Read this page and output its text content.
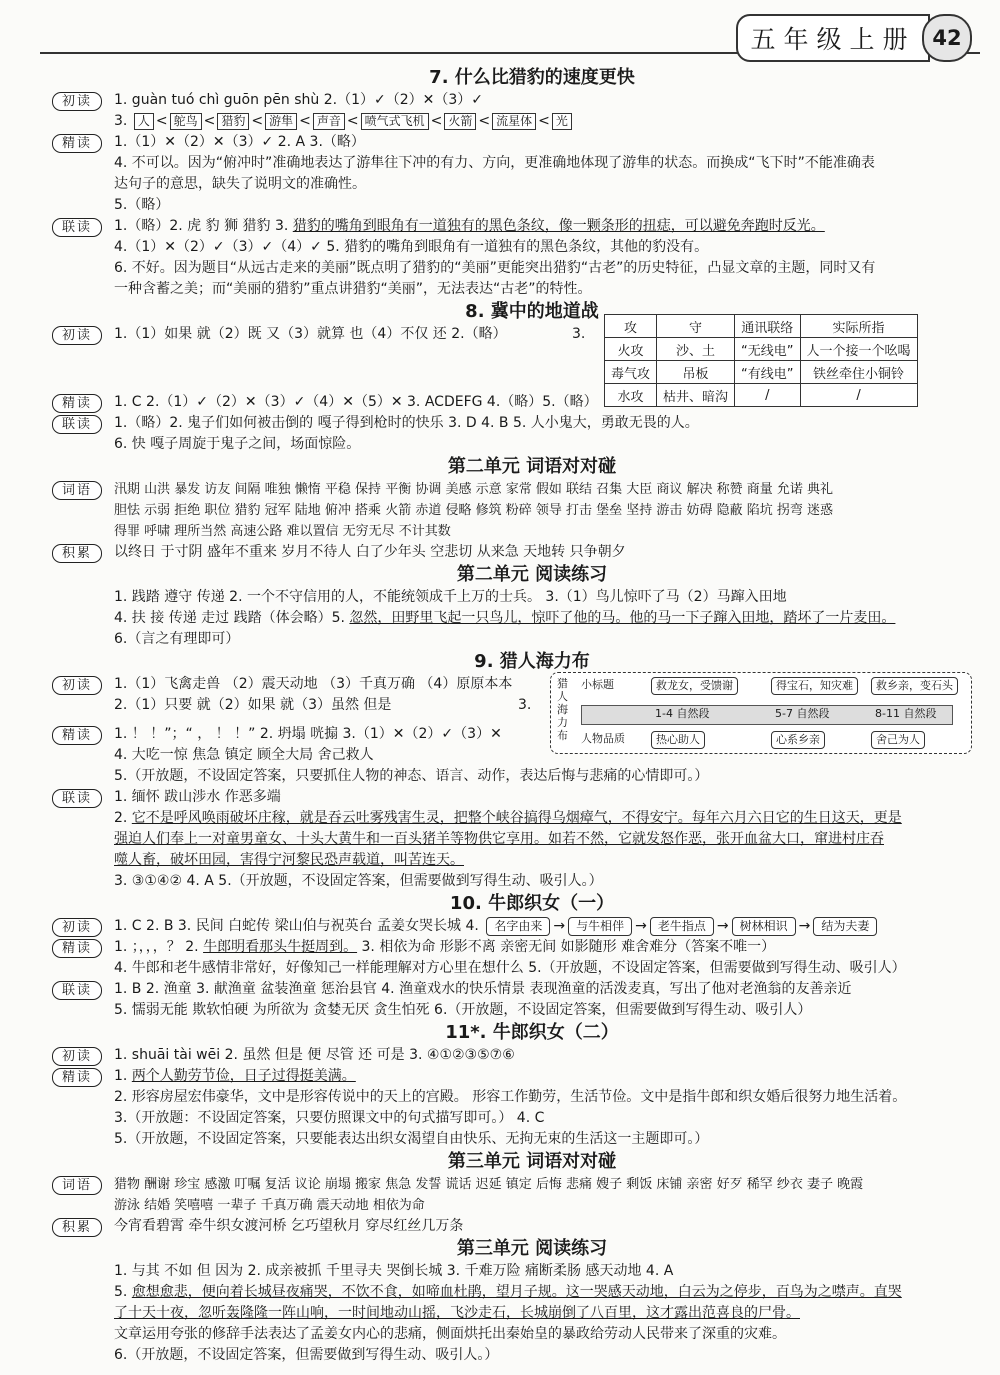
五年级上册 42
7. 什么比猎豹的速度更快
初读	1. guàn tuó chì guōn pēn shù 2.（1）✓（2）✕（3）✓
3. 人 < 鸵鸟 < 猎豹 < 游隼 < 声音 < 喷气式飞机 < 火箭 < 流星体 < 光
精读	1.（1）✕（2）✕（3）✓ 2. A 3.（略）
4. 不可以。因为“俯冲时”准确地表达了游隼往下冲的有力、方向，更准确地体现了游隼的状态。而换成“飞下时”不能准确表
达句子的意思，缺失了说明文的准确性。
5.（略）
联读	1.（略）2. 虎 豹 狮 猎豹 3. 猎豹的嘴角到眼角有一道独有的黑色条纹，像一颗条形的扭痣，可以避免奔跑时反光。
4.（1）✕（2）✓（3）✓（4）✓ 5. 猎豹的嘴角到眼角有一道独有的黑色条纹，其他的豹没有。
6. 不好。因为题目“从远古走来的美丽”既点明了猎豹的“美丽”更能突出猎豹“古老”的历史特征，凸显文章的主题，同时又有
一种含蓄之美；而“美丽的猎豹”重点讲猎豹“美丽”，无法表达“古老”的特性。
8. 冀中的地道战
初读	1.（1）如果 就（2）既 又（3）就算 也（4）不仅 还 2.（略）	3.
精读	1. C 2.（1）✓（2）✕（3）✓（4）✕（5）✕ 3. ACDEFG 4.（略）5.（略）
联读	1.（略）2. 鬼子们如何被击倒的 嘎子得到枪时的快乐 3. D 4. B 5. 人小鬼大，勇敢无畏的人。
6. 快 嘎子周旋于鬼子之间，场面惊险。
攻	守	通讯联络	实际所指
火攻	沙、土	“无线电”	人一个接一个吆喝
毒气攻	吊板	“有线电”	铁丝牵住小铜铃
水攻	枯井、暗沟	/	/
第二单元 词语对对碰
词语	汛期 山洪 暴发 访友 间隔 唯独 懒惰 平稳 保持 平衡 协调 美感 示意 家常 假如 联结 召集 大臣 商议 解决 称赞 商量 允诺 典礼
胆怯 示弱 拒绝 职位 猎豹 冠军 陆地 俯冲 搭乘 火箭 赤道 侵略 修筑 粉碎 领导 打击 堡垒 坚持 游击 妨碍 隐蔽 陷坑 拐弯 迷惑
得罪 呼啸 理所当然 高速公路 难以置信 无穷无尽 不计其数
积累	以终日 于寸阴 盛年不重来 岁月不待人 白了少年头 空悲切 从来急 天地转 只争朝夕
第二单元 阅读练习
1. 践踏 遵守 传递 2. 一个不守信用的人，不能统领成千上万的士兵。 3.（1）鸟儿惊吓了马（2）马蹿入田地
4. 扶 接 传递 走过 践踏（体会略）5. 忽然，田野里飞起一只鸟儿，惊吓了他的马。他的马一下子蹿入田地，踏坏了一片麦田。
6.（言之有理即可）
9. 猎人海力布
初读	1.（1）飞禽走兽 （2）震天动地 （3）千真万确 （4）原原本本
2.（1）只要 就（2）如果 就（3）虽然 但是	3.
精读	1. ！ ！”；“ ， ！ ！” 2. 坍塌 咣搧 3.（1）✕（2）✓（3）✕
4. 大吃一惊 焦急 镇定 顾全大局 舍己救人
5.（开放题，不设固定答案，只要抓住人物的神态、语言、动作，表达后悔与悲痛的心情即可。）
联读	1. 缅怀 跋山涉水 作恶多端
2. 它不是呼风唤雨破坏庄稼，就是吞云吐雾残害生灵，把整个峡谷搞得乌烟瘴气，不得安宁。每年六月六日它的生日这天，更是
强迫人们奉上一对童男童女、十头大黄牛和一百头猪羊等物供它享用。如若不然，它就发怒作恶，张开血盆大口，窜进村庄吞
噬人畜，破坏田园，害得宁河黎民恐声载道，叫苦连天。
3. ③①④② 4. A 5.（开放题，不设固定答案，但需要做到写得生动、吸引人。）
猎人海力布
小标题	救龙女，受馈谢	得宝石，知灾难	救乡亲，变石头
1-4 自然段	5-7 自然段	8-11 自然段
人物品质	热心助人	心系乡亲	舍己为人
10. 牛郎织女（一）
初读	1. C 2. B 3. 民间 白蛇传 梁山伯与祝英台 孟姜女哭长城 4. 名字由来 → 与牛相伴 → 老牛指点 → 树林相识 → 结为夫妻
精读	1. ；，，，？ 2. 牛郎明看那头牛挺周到。 3. 相依为命 形影不离 亲密无间 如影随形 难舍难分（答案不唯一）
4. 牛郎和老牛感情非常好，好像知己一样能理解对方心里在想什么 5.（开放题，不设固定答案，但需要做到写得生动、吸引人）
联读	1. B 2. 渔童 3. 献渔童 盆装渔童 惩治县官 4. 渔童戏水的快乐情景 表现渔童的活泼麦真，写出了他对老渔翁的友善亲近
5. 懦弱无能 欺软怕硬 为所欲为 贪婪无厌 贪生怕死 6.（开放题，不设固定答案，但需要做到写得生动、吸引人）
11*. 牛郎织女（二）
初读	1. shuāi tài wēi 2. 虽然 但是 便 尽管 还 可是 3. ④①②③⑤⑦⑥
精读	1. 两个人勤劳节俭，日子过得挺美满。
2. 形容房屋宏伟豪华，文中是形容传说中的天上的宫殿。 形容工作勤劳，生活节俭。文中是指牛郎和织女婚后很努力地生活着。
3.（开放题：不设固定答案，只要仿照课文中的句式描写即可。） 4. C
5.（开放题，不设固定答案，只要能表达出织女渴望自由快乐、无拘无束的生活这一主题即可。）
第三单元 词语对对碰
词语	猎物 酬谢 珍宝 感激 叮嘱 复活 议论 崩塌 搬家 焦急 发誓 谎话 迟延 镇定 后悔 悲痛 嫂子 剩饭 床铺 亲密 好歹 稀罕 纱衣 妻子 晚霞
游泳 结婚 笑嘻嘻 一辈子 千真万确 震天动地 相依为命
积累	今宵看碧霄 牵牛织女渡河桥 乞巧望秋月 穿尽红丝几万条
第三单元 阅读练习
1. 与其 不如 但 因为 2. 成亲被抓 千里寻夫 哭倒长城 3. 千难万险 痛断柔肠 感天动地 4. A
5. 愈想愈悲，便向着长城昼夜痛哭，不饮不食，如啼血杜鹃，望月子规。这一哭感天动地，白云为之停步，百鸟为之噤声。直哭
了十天十夜，忽听轰隆隆一阵山响，一时间地动山摇，飞沙走石，长城崩倒了八百里，这才露出范喜良的尸骨。
文章运用夸张的修辞手法表达了孟姜女内心的悲痛，侧面烘托出秦始皇的暴政给劳动人民带来了深重的灾难。
6.（开放题，不设固定答案，但需要做到写得生动、吸引人。）
